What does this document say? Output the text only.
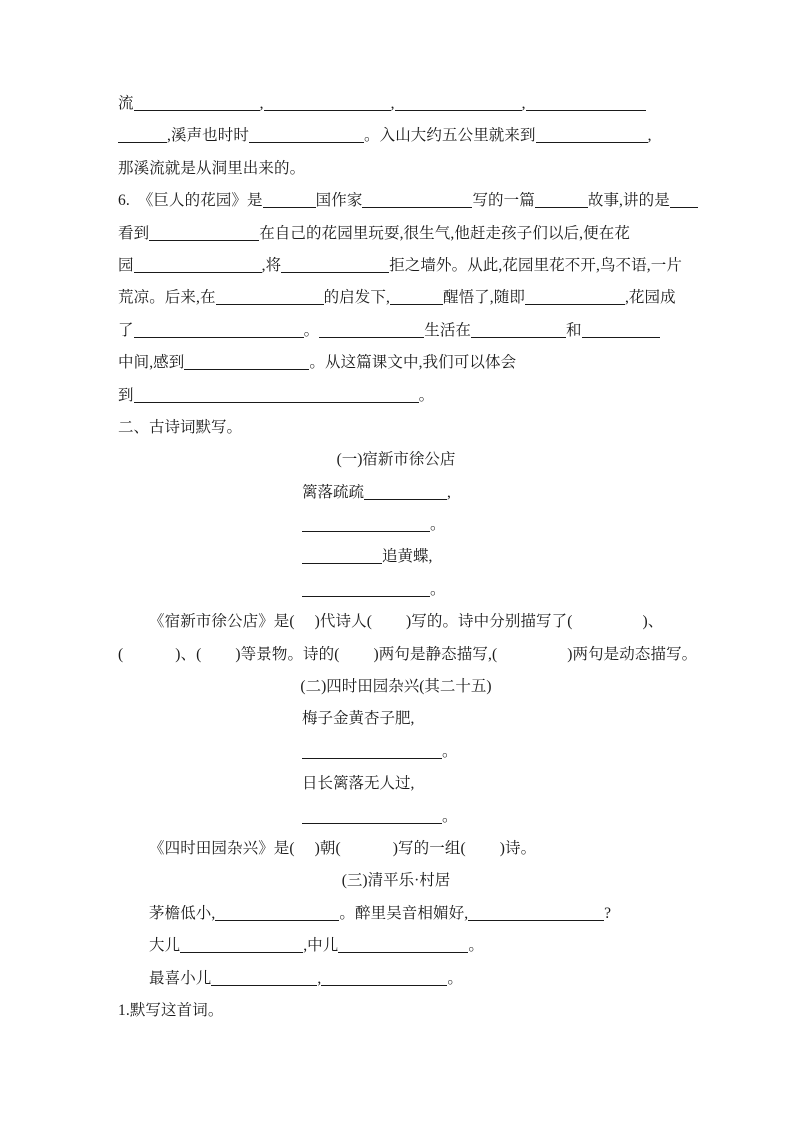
流	,	,	,
,溪声也时时	。入山大约五公里就来到	,
那溪流就是从洞里出来的。
6. 《巨人的花园》是	国作家	写的一篇	故事,讲的是
看到	在自己的花园里玩耍,很生气,他赶走孩子们以后,便在花
园	,将	拒之墙外。从此,花园里花不开,鸟不语,一片
荒凉。后来,在	的启发下,	醒悟了,随即	,花园成
了	。	生活在	和
中间,感到	。从这篇课文中,我们可以体会
到	。
二、古诗词默写。
(一)宿新市徐公店
篱落疏疏	,
。
追黄蝶,
。
《宿新市徐公店》是( )代诗人( )写的。诗中分别描写了(	)、
(	)、( )等景物。诗的( )两句是静态描写,(	)两句是动态描写。
(二)四时田园杂兴(其二十五)
梅子金黄杏子肥,
。
日长篱落无人过,
。
《四时田园杂兴》是( )朝(	)写的一组( )诗。
(三)清平乐·村居
茅檐低小,	。醉里吴音相媚好,	?
大儿	,中儿	。
最喜小儿	,	。
1.默写这首词。
